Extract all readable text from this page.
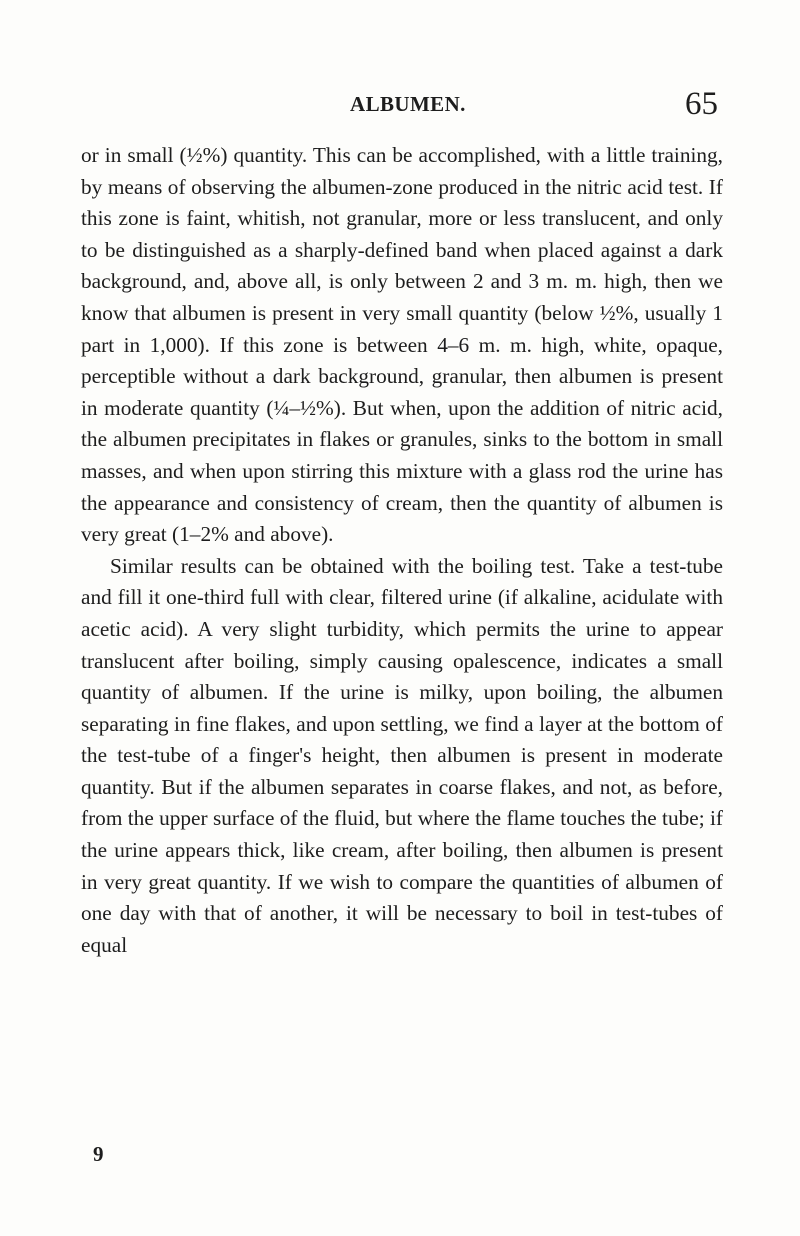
ALBUMEN.	65

or in small (½%) quantity. This can be accomplished, with a little training, by means of observing the albumen-zone produced in the nitric acid test. If this zone is faint, whitish, not granular, more or less translucent, and only to be distinguished as a sharply-defined band when placed against a dark background, and, above all, is only between 2 and 3 m. m. high, then we know that albumen is present in very small quantity (below ½%, usually 1 part in 1,000). If this zone is between 4–6 m. m. high, white, opaque, perceptible without a dark background, granular, then albumen is present in moderate quantity (¼–½%). But when, upon the addition of nitric acid, the albumen precipitates in flakes or granules, sinks to the bottom in small masses, and when upon stirring this mixture with a glass rod the urine has the appearance and consistency of cream, then the quantity of albumen is very great (1–2% and above).

Similar results can be obtained with the boiling test. Take a test-tube and fill it one-third full with clear, filtered urine (if alkaline, acidulate with acetic acid). A very slight turbidity, which permits the urine to appear translucent after boiling, simply causing opalescence, indicates a small quantity of albumen. If the urine is milky, upon boiling, the albumen separating in fine flakes, and upon settling, we find a layer at the bottom of the test-tube of a finger's height, then albumen is present in moderate quantity. But if the albumen separates in coarse flakes, and not, as before, from the upper surface of the fluid, but where the flame touches the tube; if the urine appears thick, like cream, after boiling, then albumen is present in very great quantity. If we wish to compare the quantities of albumen of one day with that of another, it will be necessary to boil in test-tubes of equal

9
